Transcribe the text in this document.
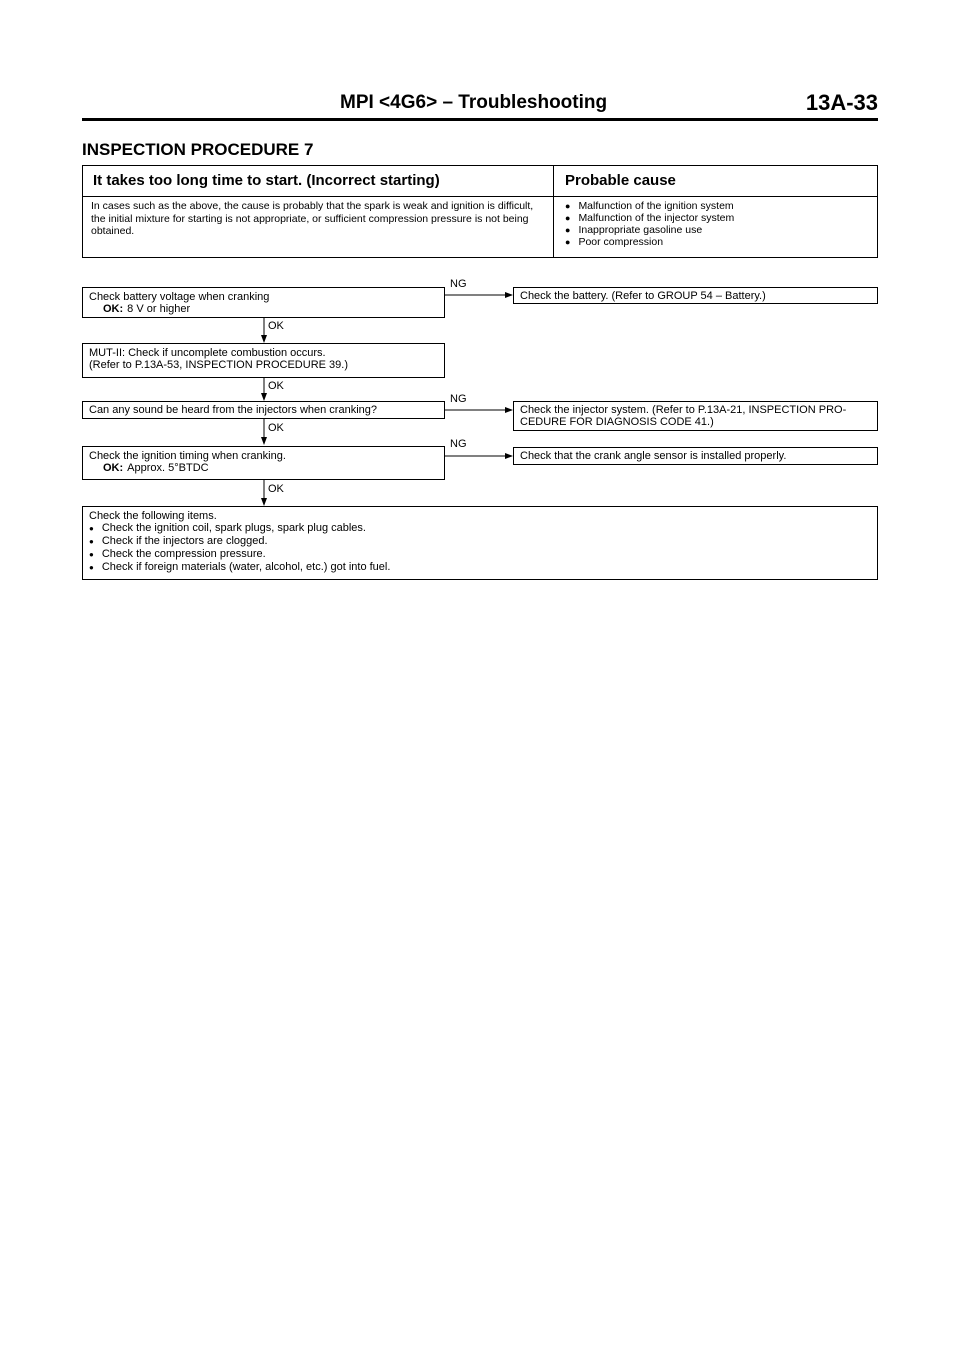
MPI <4G6> – Troubleshooting	13A-33
INSPECTION PROCEDURE 7
It takes too long time to start. (Incorrect starting)	Probable cause
In cases such as the above, the cause is probably that the spark is weak and ignition is difficult, the initial mixture for starting is not appropriate, or sufficient compression pressure is not being obtained.
● Malfunction of the ignition system
● Malfunction of the injector system
● Inappropriate gasoline use
● Poor compression
Check battery voltage when cranking
OK: 8 V or higher
NG
Check the battery. (Refer to GROUP 54 – Battery.)
OK
MUT-II: Check if uncomplete combustion occurs.
(Refer to P.13A-53, INSPECTION PROCEDURE 39.)
OK
NG
Can any sound be heard from the injectors when cranking?	Check the injector system. (Refer to P.13A-21, INSPECTION PRO-
CEDURE FOR DIAGNOSIS CODE 41.)
OK
NG
Check the ignition timing when cranking.
OK: Approx. 5°BTDC
Check that the crank angle sensor is installed properly.
OK
Check the following items.
● Check the ignition coil, spark plugs, spark plug cables.
● Check if the injectors are clogged.
● Check the compression pressure.
● Check if foreign materials (water, alcohol, etc.) got into fuel.
